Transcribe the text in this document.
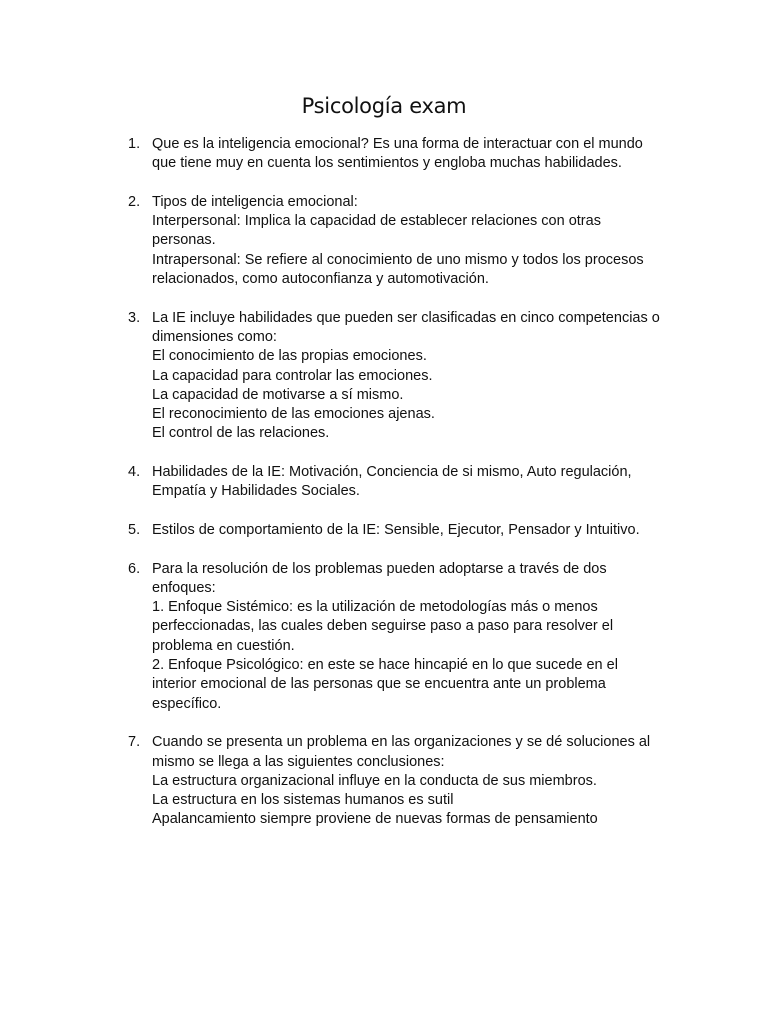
Psicología exam
1. Que es la inteligencia emocional? Es una forma de interactuar con el mundo que tiene muy en cuenta los sentimientos y engloba muchas habilidades.
2. Tipos de inteligencia emocional:
Interpersonal: Implica la capacidad de establecer relaciones con otras personas.
Intrapersonal: Se refiere al conocimiento de uno mismo y todos los procesos relacionados, como autoconfianza y automotivación.
3. La IE incluye habilidades que pueden ser clasificadas en cinco competencias o dimensiones como:
El conocimiento de las propias emociones.
La capacidad para controlar las emociones.
La capacidad de motivarse a sí mismo.
El reconocimiento de las emociones ajenas.
El control de las relaciones.
4. Habilidades de la IE: Motivación, Conciencia de si mismo, Auto regulación, Empatía y Habilidades Sociales.
5. Estilos de comportamiento de la IE: Sensible, Ejecutor, Pensador y Intuitivo.
6. Para la resolución de los problemas pueden adoptarse a través de dos enfoques:
1. Enfoque Sistémico: es la utilización de metodologías más o menos perfeccionadas, las cuales deben seguirse paso a paso para resolver el problema en cuestión.
2. Enfoque Psicológico: en este se hace hincapié en lo que sucede en el interior emocional de las personas que se encuentra ante un problema específico.
7. Cuando se presenta un problema en las organizaciones y se dé soluciones al mismo se llega a las siguientes conclusiones:
La estructura organizacional influye en la conducta de sus miembros.
La estructura en los sistemas humanos es sutil
Apalancamiento siempre proviene de nuevas formas de pensamiento
